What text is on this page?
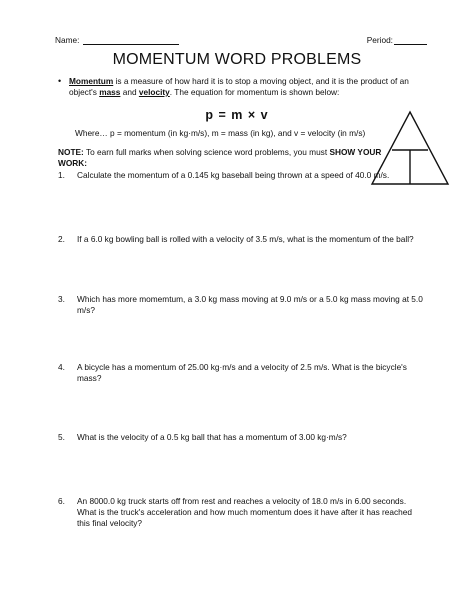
Name:	Period:
MOMENTUM WORD PROBLEMS
• Momentum is a measure of how hard it is to stop a moving object, and it is the product of an object's mass and velocity. The equation for momentum is shown below:
p = m × v
Where… p = momentum (in kg·m/s), m = mass (in kg), and v = velocity (in m/s)
NOTE: To earn full marks when solving science word problems, you must SHOW YOUR WORK:
1.	Calculate the momentum of a 0.145 kg baseball being thrown at a speed of 40.0 m/s.
2.	If a 6.0 kg bowling ball is rolled with a velocity of 3.5 m/s, what is the momentum of the ball?
3.	Which has more momemtum, a 3.0 kg mass moving at 9.0 m/s or a 5.0 kg mass moving at 5.0 m/s?
4.	A bicycle has a momentum of 25.00 kg·m/s and a velocity of 2.5 m/s. What is the bicycle's mass?
5.	What is the velocity of a 0.5 kg ball that has a momentum of 3.00 kg·m/s?
6.	An 8000.0 kg truck starts off from rest and reaches a velocity of 18.0 m/s in 6.00 seconds. What is the truck's acceleration and how much momentum does it have after it has reached this final velocity?
